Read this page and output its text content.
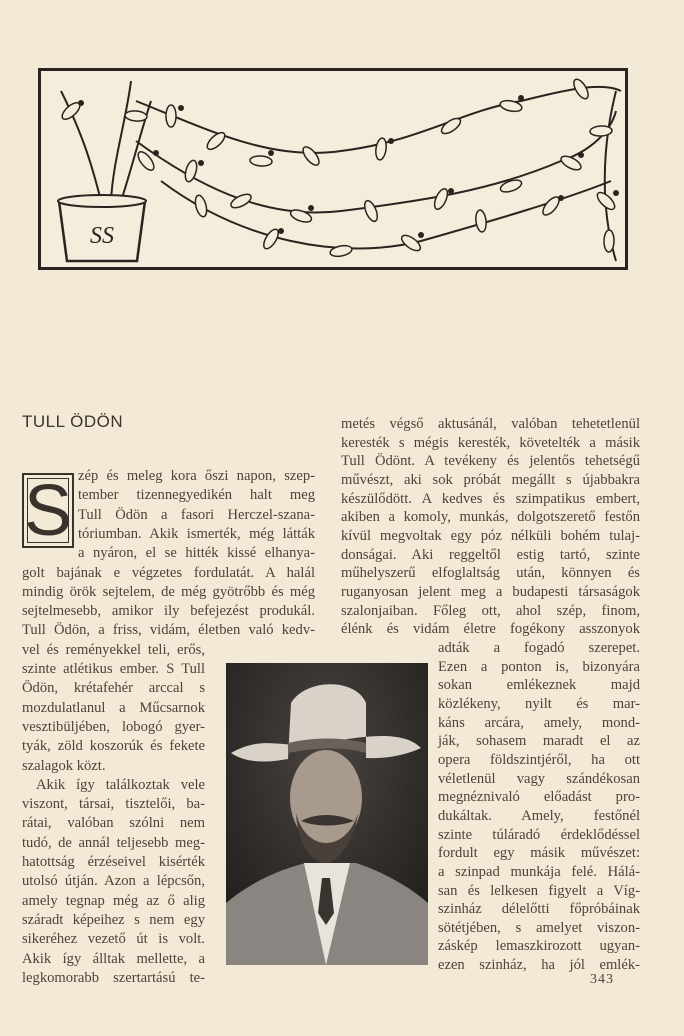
SS
TULL ÖDÖN
S zép és meleg kora őszi napon, szep-
tember tizennegyedikén halt meg
Tull Ödön a fasori Herczel-szana-
tóriumban. Akik ismerték, még látták
a nyáron, el se hitték kissé elhanya-
golt bajának e végzetes fordulatát. A halál
mindig örök sejtelem, de még gyötrőbb és még
sejtelmesebb, amikor ily befejezést produkál.
Tull Ödön, a friss, vidám, életben való kedv-
vel és reményekkel teli, erős,
szinte atlétikus ember. S Tull
Ödön, krétafehér arccal s
mozdulatlanul a Műcsarnok
vesztibüljében, lobogó gyer-
tyák, zöld koszorúk és fekete
szalagok közt.
Akik így találkoztak vele
viszont, társai, tisztelői, ba-
rátai, valóban szólni nem
tudó, de annál teljesebb meg-
hatottság érzéseivel kisérték
utolsó útján. Azon a lépcsőn,
amely tegnap még az ő alig
száradt képeihez s nem egy
sikeréhez vezető út is volt.
Akik így álltak mellette, a
legkomorabb szertartású te-
metés végső aktusánál, valóban tehetetlenül
keresték s mégis keresték, követelték a másik
Tull Ödönt. A tevékeny és jelentős tehetségű
művészt, aki sok próbát megállt s újabbakra
készülődött. A kedves és szimpatikus embert,
akiben a komoly, munkás, dolgotszerető festőn
kívül megvoltak egy póz nélküli bohém tulaj-
donságai. Aki reggeltől estig tartó, szinte
műhelyszerű elfoglaltság után, könnyen és
ruganyosan jelent meg a budapesti társaságok
szalonjaiban. Főleg ott, ahol szép, finom,
élénk és vidám életre fogékony asszonyok
adták a fogadó szerepet.
Ezen a ponton is, bizonyára
sokan emlékeznek majd
közlékeny, nyilt és mar-
káns arcára, amely, mond-
ják, sohasem maradt el az
opera földszintjéről, ha ott
véletlenül vagy szándékosan
megnéznivaló előadást pro-
dukáltak. Amely, festőnél
szinte túláradó érdeklődéssel
fordult egy másik művészet:
a szinpad munkája felé. Hálá-
san és lelkesen figyelt a Víg-
szinház délelőtti főpróbáinak
sötétjében, s amelyet viszon-
záskép lemaszkirozott ugyan-
ezen szinház, ha jól emlék-
343
